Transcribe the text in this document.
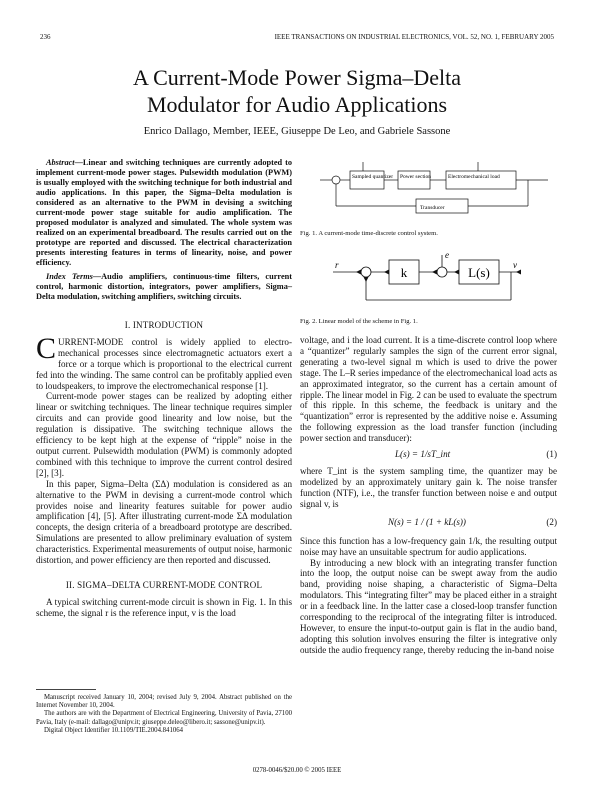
236	IEEE TRANSACTIONS ON INDUSTRIAL ELECTRONICS, VOL. 52, NO. 1, FEBRUARY 2005
A Current-Mode Power Sigma–Delta
Modulator for Audio Applications
Enrico Dallago, Member, IEEE, Giuseppe De Leo, and Gabriele Sassone

Abstract—Linear and switching techniques are currently adopted to implement current-mode power stages. Pulsewidth modulation (PWM) is usually employed with the switching technique for both industrial and audio applications. In this paper, the Sigma–Delta modulation is considered as an alternative to the PWM in devising a switching current-mode power stage suitable for audio amplification. The proposed modulator is analyzed and simulated. The whole system was realized on an experimental breadboard. The results carried out on the prototype are reported and discussed. The electrical characterization presents interesting features in terms of linearity, noise, and power efficiency.

Index Terms—Audio amplifiers, continuous-time filters, current control, harmonic distortion, integrators, power amplifiers, Sigma–Delta modulation, switching amplifiers, switching circuits.

I. INTRODUCTION

CURRENT-MODE control is widely applied to electro-mechanical processes since electromagnetic actuators exert a force or a torque which is proportional to the electrical current fed into the winding. The same control can be profitably applied even to loudspeakers, to improve the electromechanical response [1].

Current-mode power stages can be realized by adopting either linear or switching techniques. The linear technique requires simpler circuits and can provide good linearity and low noise, but the regulation is dissipative. The switching technique allows the efficiency to be kept high at the expense of “ripple” noise in the output current. Pulsewidth modulation (PWM) is commonly adopted combined with this technique to improve the current control desired [2], [3].

In this paper, Sigma–Delta (ΣΔ) modulation is considered as an alternative to the PWM in devising a current-mode control which provides noise and linearity features suitable for power audio amplification [4], [5]. After illustrating current-mode ΣΔ modulation concepts, the design criteria of a breadboard prototype are described. Simulations are presented to allow preliminary evaluation of system characteristics. Experimental measurements of output noise, harmonic distortion, and power efficiency are then reported and discussed.

II. SIGMA–DELTA CURRENT-MODE CONTROL

A typical switching current-mode circuit is shown in Fig. 1. In this scheme, the signal r is the reference input, v is the load

Manuscript received January 10, 2004; revised July 9, 2004. Abstract published on the Internet November 10, 2004.

The authors are with the Department of Electrical Engineering, University of Pavia, 27100 Pavia, Italy (e-mail: dallago@unipv.it; giuseppe.deleo@libero.it; sassone@unipv.it).

Digital Object Identifier 10.1109/TIE.2004.841064

Sampled quantizer Power section	Electromechanical load
Transducer
Fig. 1. A current-mode time-discrete control system.
r
e
v
k	L(s)
Fig. 2. Linear model of the scheme in Fig. 1.

voltage, and i the load current. It is a time-discrete control loop where a “quantizer” regularly samples the sign of the current error signal, generating a two-level signal m which is used to drive the power stage. The L–R series impedance of the electromechanical load acts as an approximated integrator, so the current has a certain amount of ripple. The linear model in Fig. 2 can be used to evaluate the spectrum of this ripple. In this scheme, the feedback is unitary and the “quantization” error is represented by the additive noise e. Assuming the following expression as the load transfer function (including power section and transducer):

L(s) = 1/sT_int	(1)

where T_int is the system sampling time, the quantizer may be modelized by an approximately unitary gain k. The noise transfer function (NTF), i.e., the transfer function between noise e and output signal v, is

N(s) = 1 / (1 + kL(s))	(2)

Since this function has a low-frequency gain 1/k, the resulting output noise may have an unsuitable spectrum for audio applications.

By introducing a new block with an integrating transfer function into the loop, the output noise can be swept away from the audio band, providing noise shaping, a characteristic of Sigma–Delta modulators. This “integrating filter” may be placed either in a straight or in a feedback line. In the latter case a closed-loop transfer function corresponding to the reciprocal of the integrating filter is introduced. However, to ensure the input-to-output gain is flat in the audio band, adopting this solution involves ensuring the filter is integrative only outside the audio frequency range, thereby reducing the in-band noise

0278-0046/$20.00 © 2005 IEEE
